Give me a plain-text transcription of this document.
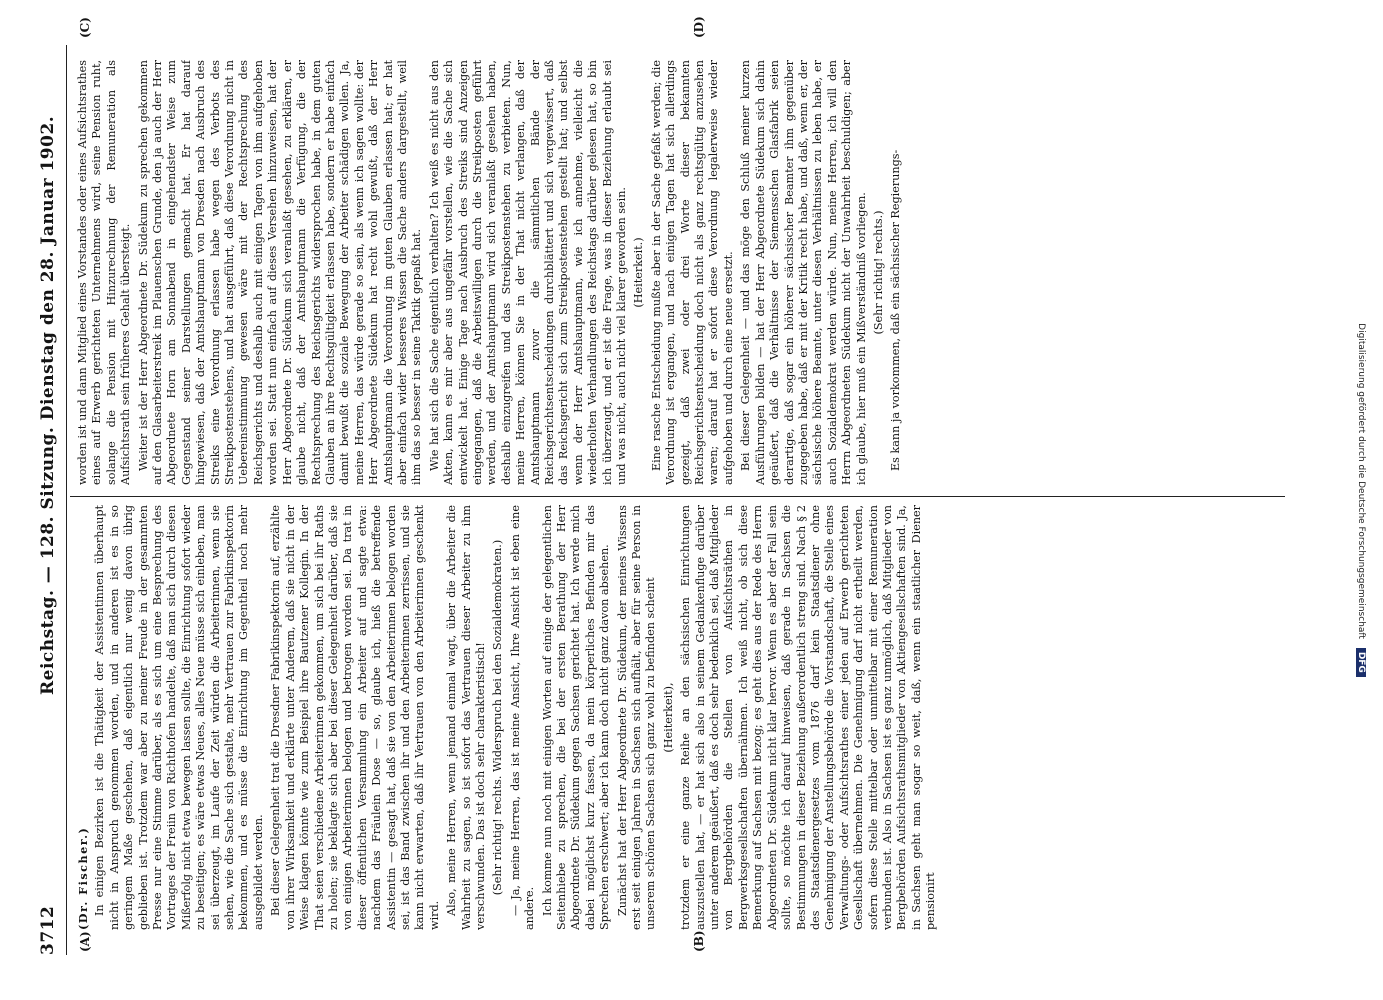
3712
Reichstag. — 128. Sitzung. Dienstag den 28. Januar 1902.
(A)	(B)
(C)	(D)

(Dr. Fischer.) In einigen Bezirken ist die Thätigkeit der Assistentinnen überhaupt nicht in Anspruch genommen worden, und in anderen ist es in so geringem Maße geschehen, daß eigentlich nur wenig davon übrig geblieben ist. Trotzdem war aber zu meiner Freude in der gesammten Presse nur eine Stimme darüber, als es sich um eine Besprechung des Vortrages der Freiin von Richthofen handelte, daß man sich durch diesen Mißerfolg nicht etwa bewegen lassen sollte, die Einrichtung sofort wieder zu beseitigen; es wäre etwas Neues, alles Neue müsse sich einleben, man sei überzeugt, im Laufe der Zeit würden die Arbeiterinnen, wenn sie sehen, wie die Sache sich gestalte, mehr Vertrauen zur Fabrikinspektorin bekommen, und es müsse die Einrichtung im Gegentheil noch mehr ausgebildet werden. Bei dieser Gelegenheit trat die Dresdner Fabrikinspektorin auf, erzählte von ihrer Wirksamkeit und erklärte unter Anderem, daß sie nicht in der Weise klagen könnte wie zum Beispiel ihre Bautzener Kollegin. In der That seien verschiedene Arbeiterinnen gekommen, um sich bei ihr Raths zu holen; sie beklagte sich aber bei dieser Gelegenheit darüber, daß sie von einigen Arbeiterinnen belogen und betrogen worden sei. Da trat in dieser öffentlichen Versammlung ein Arbeiter auf und sagte etwa: nachdem das Fräulein Dose — so, glaube ich, hieß die betreffende Assistentin — gesagt hat, daß sie von den Arbeiterinnen belogen worden sei, ist das Band zwischen ihr und den Arbeiterinnen zerrissen, und sie kann nicht erwarten, daß ihr Vertrauen von den Arbeiterinnen geschenkt wird. Also, meine Herren, wenn jemand einmal wagt, über die Arbeiter die Wahrheit zu sagen, so ist sofort das Vertrauen dieser Arbeiter zu ihm verschwunden. Das ist doch sehr charakteristisch! (Sehr richtig! rechts. Widerspruch bei den Sozialdemokraten.) — Ja, meine Herren, das ist meine Ansicht, Ihre Ansicht ist eben eine andere. Ich komme nun noch mit einigen Worten auf einige der gelegentlichen Seitenhiebe zu sprechen, die bei der ersten Berathung der Herr Abgeordnete Dr. Südekum gegen Sachsen gerichtet hat. Ich werde mich dabei möglichst kurz fassen, da mein körperliches Befinden mir das Sprechen erschwert; aber ich kann doch nicht ganz davon absehen. Zunächst hat der Herr Abgeordnete Dr. Südekum, der meines Wissens erst seit einigen Jahren in Sachsen sich aufhält, aber für seine Person in unserem schönen Sachsen sich ganz wohl zu befinden scheint (Heiterkeit), trotzdem er eine ganze Reihe an den sächsischen Einrichtungen auszustellen hat, — er hat sich also in seinem Gedankenfluge darüber unter anderem geäußert, daß es doch sehr bedenklich sei, daß Mitglieder von Bergbehörden die Stellen von Aufsichtsräthen in Bergwerksgesellschaften übernähmen. Ich weiß nicht, ob sich diese Bemerkung auf Sachsen mit bezog; es geht dies aus der Rede des Herrn Abgeordneten Dr. Südekum nicht klar hervor. Wenn es aber der Fall sein sollte, so möchte ich darauf hinweisen, daß gerade in Sachsen die Bestimmungen in dieser Beziehung außerordentlich streng sind. Nach § 2 des Staatsdienergesetzes vom 1876 darf kein Staatsdiener ohne Genehmigung der Anstellungsbehörde die Vorstandschaft, die Stelle eines Verwaltungs- oder Aufsichtsrathes einer jeden auf Erwerb gerichteten Gesellschaft übernehmen. Die Genehmigung darf nicht ertheilt werden, sofern diese Stelle mittelbar oder unmittelbar mit einer Remuneration verbunden ist. Also in Sachsen ist es ganz unmöglich, daß Mitglieder von Bergbehörden Aufsichtsrathsmitglieder von Aktiengesellschaften sind. Ja, in Sachsen geht man sogar so weit, daß, wenn ein staatlicher Diener pensionirt

worden ist und dann Mitglied eines Vorstandes oder eines Aufsichtsrathes eines auf Erwerb gerichteten Unternehmens wird, seine Pension ruht, solange die Pension mit Hinzurechnung der Remuneration als Aufsichtsrath sein früheres Gehalt übersteigt. Weiter ist der Herr Abgeordnete Dr. Südekum zu sprechen gekommen auf den Glasarbeiterstreik im Plauenschen Grunde, den ja auch der Herr Abgeordnete Horn am Sonnabend in eingehendster Weise zum Gegenstand seiner Darstellungen gemacht hat. Er hat darauf hingewiesen, daß der Amtshauptmann von Dresden nach Ausbruch des Streiks eine Verordnung erlassen habe wegen des Verbots des Streikpostenstehens, und hat ausgeführt, daß diese Verordnung nicht in Uebereinstimmung gewesen wäre mit der Rechtsprechung des Reichsgerichts und deshalb auch mit einigen Tagen von ihm aufgehoben worden sei. Statt nun einfach auf dieses Versehen hinzuweisen, hat der Herr Abgeordnete Dr. Südekum sich veranlaßt gesehen, zu erklären, er glaube nicht, daß der Amtshauptmann die Verfügung, die der Rechtsprechung des Reichsgerichts widersprochen habe, in dem guten Glauben an ihre Rechtsgültigkeit erlassen habe, sondern er habe einfach damit bewußt die soziale Bewegung der Arbeiter schädigen wollen. Ja, meine Herren, das würde gerade so sein, als wenn ich sagen wollte: der Herr Abgeordnete Südekum hat recht wohl gewußt, daß der Herr Amtshauptmann die Verordnung im guten Glauben erlassen hat; er hat aber einfach wider besseres Wissen die Sache anders dargestellt, weil ihm das so besser in seine Taktik gepaßt hat. Wie hat sich die Sache eigentlich verhalten? Ich weiß es nicht aus den Akten, kann es mir aber aus ungefähr vorstellen, wie die Sache sich entwickelt hat. Einige Tage nach Ausbruch des Streiks sind Anzeigen eingegangen, daß die Arbeitswilligen durch die Streikposten geführt werden, und der Amtshauptmann wird sich veranlaßt gesehen haben, deshalb einzugreifen und das Streikpostenstehen zu verbieten. Nun, meine Herren, können Sie in der That nicht verlangen, daß der Amtshauptmann zuvor die sämmtlichen Bände der Reichsgerichtsentscheidungen durchblättert und sich vergewissert, daß das Reichsgericht sich zum Streikpostenstehen gestellt hat; und selbst wenn der Herr Amtshauptmann, wie ich annehme, vielleicht die wiederholten Verhandlungen des Reichstags darüber gelesen hat, so bin ich überzeugt, und er ist die Frage, was in dieser Beziehung erlaubt sei und was nicht, auch nicht viel klarer geworden sein. (Heiterkeit.) Eine rasche Entscheidung mußte aber in der Sache gefaßt werden; die Verordnung ist ergangen, und nach einigen Tagen hat sich allerdings gezeigt, daß zwei oder drei Worte dieser bekannten Reichsgerichtsentscheidung doch nicht als ganz rechtsgültig anzusehen waren; darauf hat er sofort diese Verordnung legalerweise wieder aufgehoben und durch eine neue ersetzt. Bei dieser Gelegenheit — und das möge den Schluß meiner kurzen Ausführungen bilden — hat der Herr Abgeordnete Südekum sich dahin geäußert, daß die Verhältnisse der Siemensschen Glasfabrik seien derartige, daß sogar ein höherer sächsischer Beamter ihm gegenüber zugegeben habe, daß er mit der Kritik recht habe, und daß, wenn er, der sächsische höhere Beamte, unter diesen Verhältnissen zu leben habe, er auch Sozialdemokrat werden würde. Nun, meine Herren, ich will den Herrn Abgeordneten Südekum nicht der Unwahrheit beschuldigen; aber ich glaube, hier muß ein Mißverständniß vorliegen. (Sehr richtig! rechts.) Es kann ja vorkommen, daß ein sächsischer Regierungs-

Digitalisierung gefördert durch die Deutsche Forschungsgemeinschaft DFG
